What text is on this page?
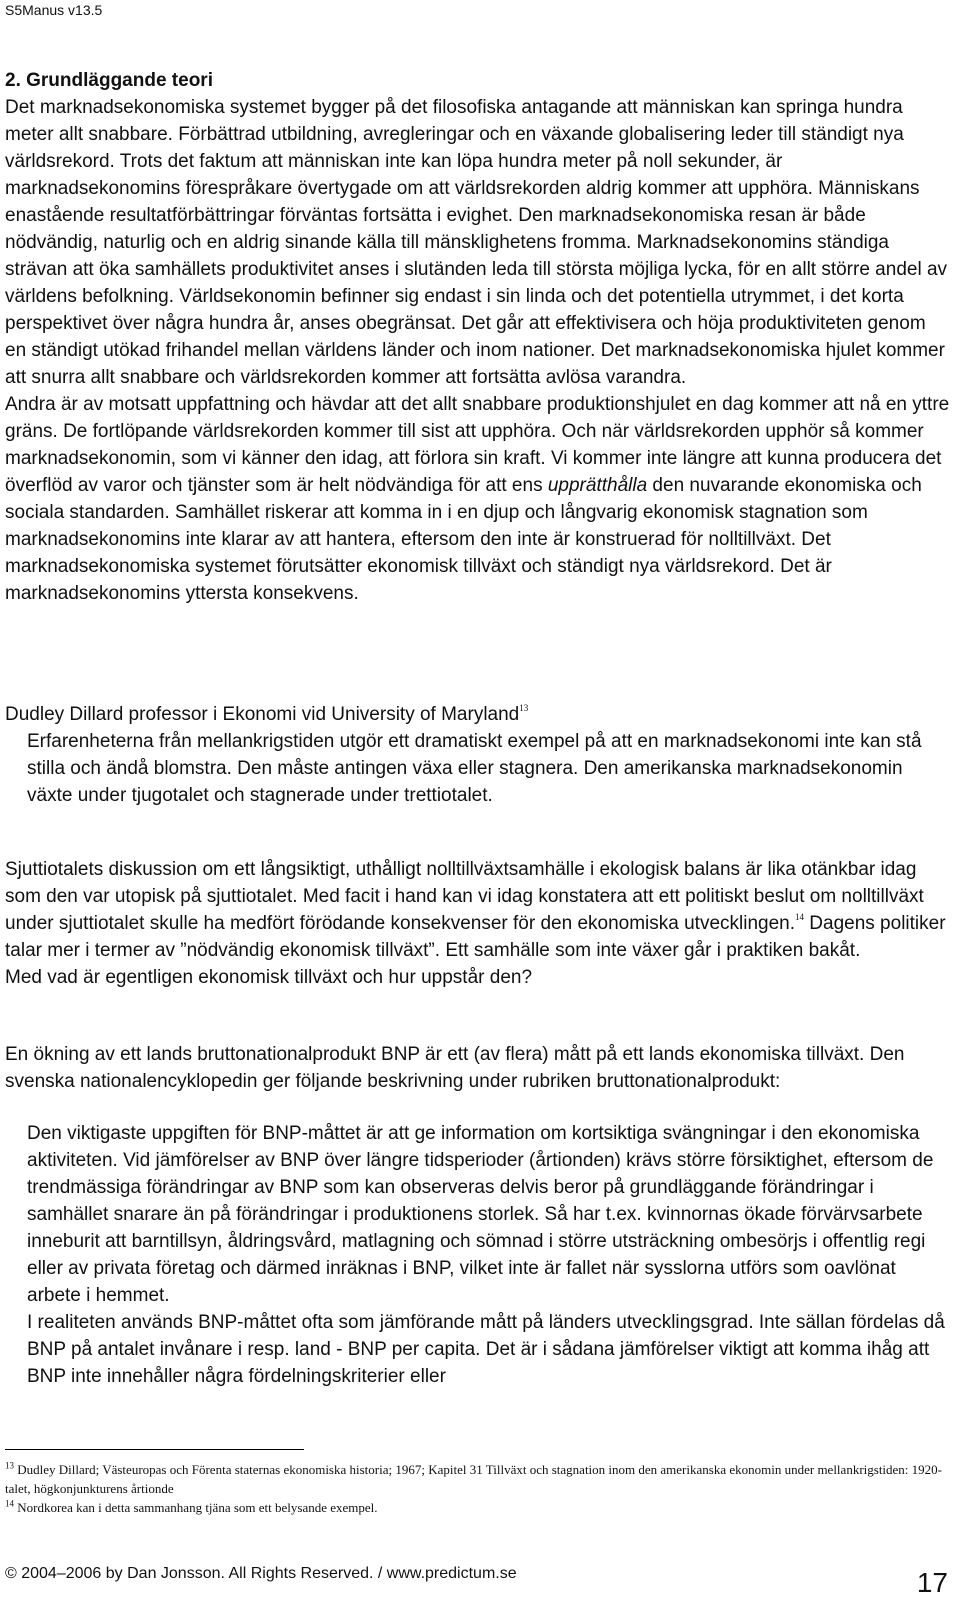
S5Manus v13.5
2. Grundläggande teori
Det marknadsekonomiska systemet bygger på det filosofiska antagande att människan kan springa hundra meter allt snabbare. Förbättrad utbildning, avregleringar och en växande globalisering leder till ständigt nya världsrekord. Trots det faktum att människan inte kan löpa hundra meter på noll sekunder, är marknadsekonomins förespråkare övertygade om att världsrekorden aldrig kommer att upphöra. Människans enastående resultatförbättringar förväntas fortsätta i evighet. Den marknadsekonomiska resan är både nödvändig, naturlig och en aldrig sinande källa till mänsklighetens fromma. Marknadsekonomins ständiga strävan att öka samhällets produktivitet anses i slutänden leda till största möjliga lycka, för en allt större andel av världens befolkning. Världsekonomin befinner sig endast i sin linda och det potentiella utrymmet, i det korta perspektivet över några hundra år, anses obegränsat. Det går att effektivisera och höja produktiviteten genom en ständigt utökad frihandel mellan världens länder och inom nationer. Det marknadsekonomiska hjulet kommer att snurra allt snabbare och världsrekorden kommer att fortsätta avlösa varandra.
Andra är av motsatt uppfattning och hävdar att det allt snabbare produktionshjulet en dag kommer att nå en yttre gräns. De fortlöpande världsrekorden kommer till sist att upphöra. Och när världsrekorden upphör så kommer marknadsekonomin, som vi känner den idag, att förlora sin kraft. Vi kommer inte längre att kunna producera det överflöd av varor och tjänster som är helt nödvändiga för att ens upprätthålla den nuvarande ekonomiska och sociala standarden. Samhället riskerar att komma in i en djup och långvarig ekonomisk stagnation som marknadsekonomins inte klarar av att hantera, eftersom den inte är konstruerad för nolltillväxt. Det marknadsekonomiska systemet förutsätter ekonomisk tillväxt och ständigt nya världsrekord. Det är marknadsekonomins yttersta konsekvens.
Dudley Dillard professor i Ekonomi vid University of Maryland$^{13}$
Erfarenheterna från mellankrigstiden utgör ett dramatiskt exempel på att en marknadsekonomi inte kan stå stilla och ändå blomstra. Den måste antingen växa eller stagnera. Den amerikanska marknadsekonomin växte under tjugotalet och stagnerade under trettiotalet.
Sjuttiotalets diskussion om ett långsiktigt, uthålligt nolltillväxtsamhälle i ekologisk balans är lika otänkbar idag som den var utopisk på sjuttiotalet. Med facit i hand kan vi idag konstatera att ett politiskt beslut om nolltillväxt under sjuttiotalet skulle ha medfört förödande konsekvenser för den ekonomiska utvecklingen.$^{14}$ Dagens politiker talar mer i termer av ”nödvändig ekonomisk tillväxt”. Ett samhälle som inte växer går i praktiken bakåt.
Med vad är egentligen ekonomisk tillväxt och hur uppstår den?
En ökning av ett lands bruttonationalprodukt BNP är ett (av flera) mått på ett lands ekonomiska tillväxt. Den svenska nationalencyklopedin ger följande beskrivning under rubriken bruttonationalprodukt:
Den viktigaste uppgiften för BNP-måttet är att ge information om kortsiktiga svängningar i den ekonomiska aktiviteten. Vid jämförelser av BNP över längre tidsperioder (årtionden) krävs större försiktighet, eftersom de trendmässiga förändringar av BNP som kan observeras delvis beror på grundläggande förändringar i samhället snarare än på förändringar i produktionens storlek. Så har t.ex. kvinnornas ökade förvärvsarbete inneburit att barntillsyn, åldringsvård, matlagning och sömnad i större utsträckning ombesörjs i offentlig regi eller av privata företag och därmed inräknas i BNP, vilket inte är fallet när sysslorna utförs som oavlönat arbete i hemmet.
I realiteten används BNP-måttet ofta som jämförande mått på länders utvecklingsgrad. Inte sällan fördelas då BNP på antalet invånare i resp. land - BNP per capita. Det är i sådana jämförelser viktigt att komma ihåg att BNP inte innehåller några fördelningskriterier eller

$^{13}$ Dudley Dillard; Västeuropas och Förenta staternas ekonomiska historia; 1967; Kapitel 31 Tillväxt och stagnation inom den amerikanska ekonomin under mellankrigstiden: 1920-talet, högkonjunkturens årtionde

$^{14}$ Nordkorea kan i detta sammanhang tjäna som ett belysande exempel.

© 2004–2006 by Dan Jonsson. All Rights Reserved. / www.predictum.se	17
